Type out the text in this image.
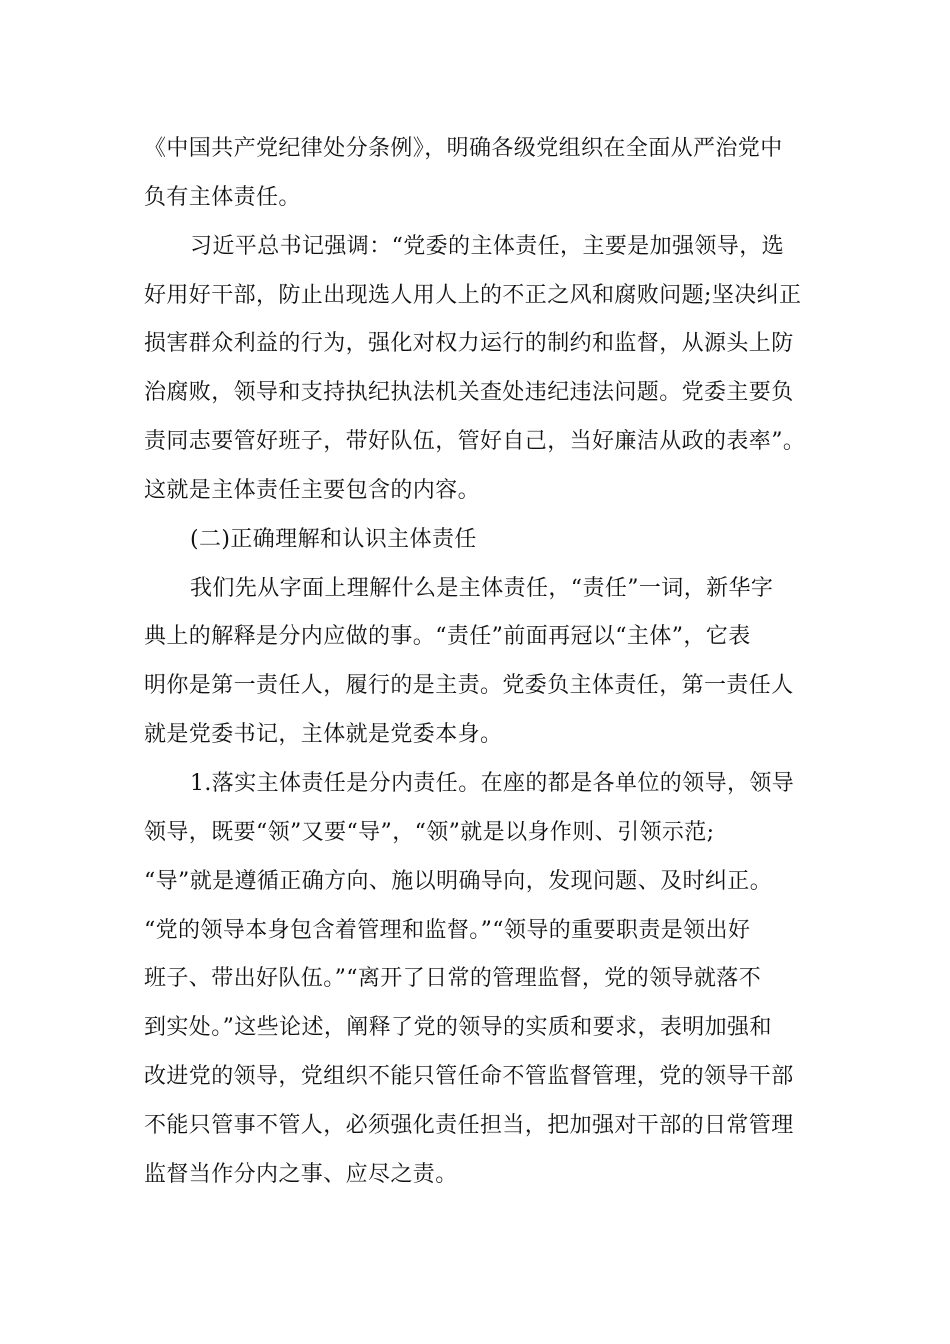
《中国共产党纪律处分条例》，明确各级党组织在全面从严治党中
负有主体责任。
习近平总书记强调：“党委的主体责任，主要是加强领导，选
好用好干部，防止出现选人用人上的不正之风和腐败问题;坚决纠正
损害群众利益的行为，强化对权力运行的制约和监督，从源头上防
治腐败，领导和支持执纪执法机关查处违纪违法问题。党委主要负
责同志要管好班子，带好队伍，管好自己，当好廉洁从政的表率”。
这就是主体责任主要包含的内容。
(二)正确理解和认识主体责任
我们先从字面上理解什么是主体责任，“责任”一词，新华字
典上的解释是分内应做的事。“责任”前面再冠以“主体”，它表
明你是第一责任人，履行的是主责。党委负主体责任，第一责任人
就是党委书记，主体就是党委本身。
1.落实主体责任是分内责任。在座的都是各单位的领导，领导
领导，既要“领”又要“导”，“领”就是以身作则、引领示范;
“导”就是遵循正确方向、施以明确导向，发现问题、及时纠正。
“党的领导本身包含着管理和监督。”“领导的重要职责是领出好
班子、带出好队伍。”“离开了日常的管理监督，党的领导就落不
到实处。”这些论述，阐释了党的领导的实质和要求，表明加强和
改进党的领导，党组织不能只管任命不管监督管理，党的领导干部
不能只管事不管人，必须强化责任担当，把加强对干部的日常管理
监督当作分内之事、应尽之责。
